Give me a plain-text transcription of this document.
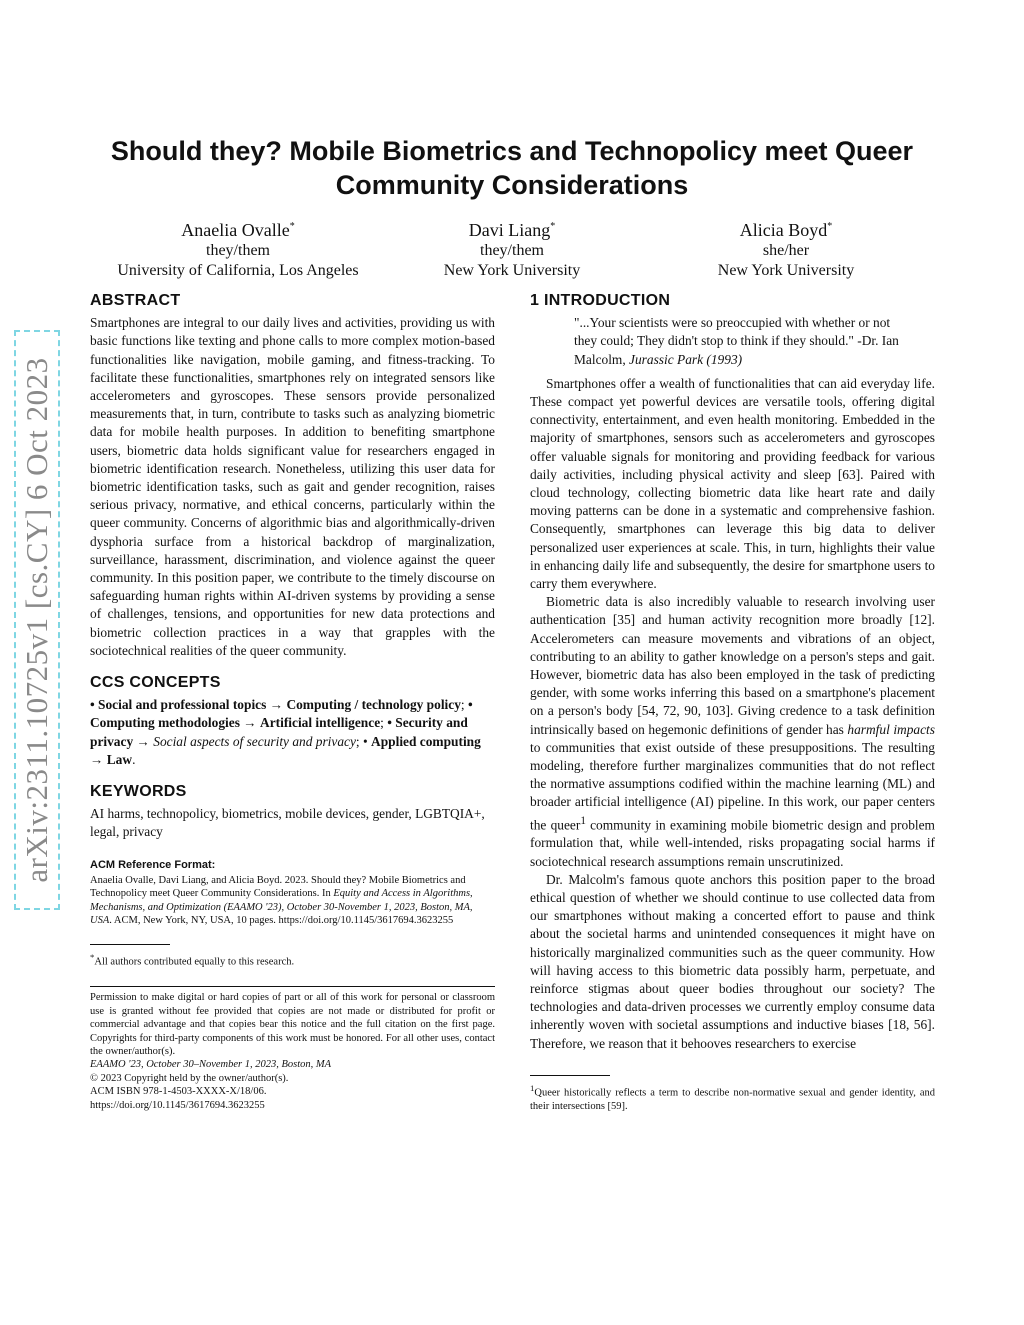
arXiv:2311.10725v1 [cs.CY] 6 Oct 2023
Should they? Mobile Biometrics and Technopolicy meet Queer Community Considerations
Anaelia Ovalle*
they/them
University of California, Los Angeles
Davi Liang*
they/them
New York University
Alicia Boyd*
she/her
New York University
ABSTRACT

Smartphones are integral to our daily lives and activities, providing us with basic functions like texting and phone calls to more complex motion-based functionalities like navigation, mobile gaming, and fitness-tracking. To facilitate these functionalities, smartphones rely on integrated sensors like accelerometers and gyroscopes. These sensors provide personalized measurements that, in turn, contribute to tasks such as analyzing biometric data for mobile health purposes. In addition to benefiting smartphone users, biometric data holds significant value for researchers engaged in biometric identification research. Nonetheless, utilizing this user data for biometric identification tasks, such as gait and gender recognition, raises serious privacy, normative, and ethical concerns, particularly within the queer community. Concerns of algorithmic bias and algorithmically-driven dysphoria surface from a historical backdrop of marginalization, surveillance, harassment, discrimination, and violence against the queer community. In this position paper, we contribute to the timely discourse on safeguarding human rights within AI-driven systems by providing a sense of challenges, tensions, and opportunities for new data protections and biometric collection practices in a way that grapples with the sociotechnical realities of the queer community.

CCS CONCEPTS

• Social and professional topics → Computing / technology policy; • Computing methodologies → Artificial intelligence; • Security and privacy → Social aspects of security and privacy; • Applied computing → Law.

KEYWORDS

AI harms, technopolicy, biometrics, mobile devices, gender, LGBTQIA+, legal, privacy

ACM Reference Format:

Anaelia Ovalle, Davi Liang, and Alicia Boyd. 2023. Should they? Mobile Biometrics and Technopolicy meet Queer Community Considerations. In Equity and Access in Algorithms, Mechanisms, and Optimization (EAAMO '23), October 30-November 1, 2023, Boston, MA, USA. ACM, New York, NY, USA, 10 pages. https://doi.org/10.1145/3617694.3623255

*All authors contributed equally to this research.

Permission to make digital or hard copies of part or all of this work for personal or classroom use is granted without fee provided that copies are not made or distributed for profit or commercial advantage and that copies bear this notice and the full citation on the first page. Copyrights for third-party components of this work must be honored. For all other uses, contact the owner/author(s).

EAAMO '23, October 30–November 1, 2023, Boston, MA

© 2023 Copyright held by the owner/author(s).

ACM ISBN 978-1-4503-XXXX-X/18/06.

https://doi.org/10.1145/3617694.3623255

1 INTRODUCTION

"...Your scientists were so preoccupied with whether or not they could; They didn't stop to think if they should." -Dr. Ian Malcolm, Jurassic Park (1993)

Smartphones offer a wealth of functionalities that can aid everyday life. These compact yet powerful devices are versatile tools, offering digital connectivity, entertainment, and even health monitoring. Embedded in the majority of smartphones, sensors such as accelerometers and gyroscopes offer valuable signals for monitoring and providing feedback for various daily activities, including physical activity and sleep [63]. Paired with cloud technology, collecting biometric data like heart rate and daily moving patterns can be done in a systematic and comprehensive fashion. Consequently, smartphones can leverage this big data to deliver personalized user experiences at scale. This, in turn, highlights their value in enhancing daily life and subsequently, the desire for smartphone users to carry them everywhere.

Biometric data is also incredibly valuable to research involving user authentication [35] and human activity recognition more broadly [12]. Accelerometers can measure movements and vibrations of an object, contributing to an ability to gather knowledge on a person's steps and gait. However, biometric data has also been employed in the task of predicting gender, with some works inferring this based on a smartphone's placement on a person's body [54, 72, 90, 103]. Giving credence to a task definition intrinsically based on hegemonic definitions of gender has harmful impacts to communities that exist outside of these presuppositions. The resulting modeling, therefore further marginalizes communities that do not reflect the normative assumptions codified within the machine learning (ML) and broader artificial intelligence (AI) pipeline. In this work, our paper centers the queer$^1$ community in examining mobile biometric design and problem formulation that, while well-intended, risks propagating social harms if sociotechnical research assumptions remain unscrutinized.

Dr. Malcolm's famous quote anchors this position paper to the broad ethical question of whether we should continue to use collected data from our smartphones without making a concerted effort to pause and think about the societal harms and unintended consequences it might have on historically marginalized communities such as the queer community. How will having access to this biometric data possibly harm, perpetuate, and reinforce stigmas about queer bodies throughout our society? The technologies and data-driven processes we currently employ consume data inherently woven with societal assumptions and inductive biases [18, 56]. Therefore, we reason that it behooves researchers to exercise

$^1$Queer historically reflects a term to describe non-normative sexual and gender identity, and their intersections [59].
